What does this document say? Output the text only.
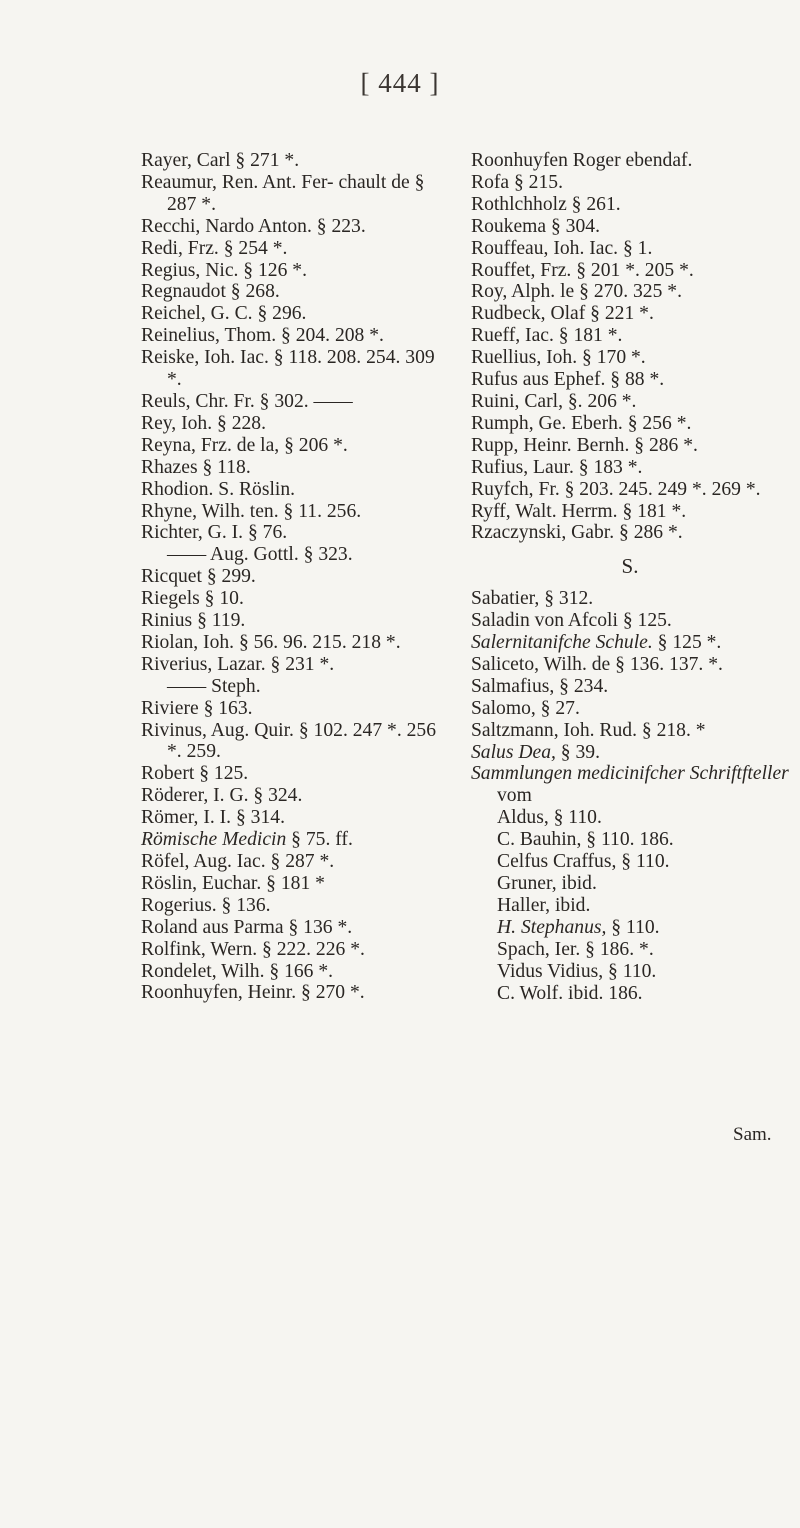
[ 444 ]

Rayer, Carl § 271 *.

Reaumur, Ren. Ant. Fer- chault de § 287 *.

Recchi, Nardo Anton. § 223.

Redi, Frz. § 254 *.

Regius, Nic. § 126 *.

Regnaudot § 268.

Reichel, G. C. § 296.

Reinelius, Thom. § 204. 208 *.

Reiske, Ioh. Iac. § 118. 208. 254. 309 *.

Reuls, Chr. Fr. § 302. ——

Rey, Ioh. § 228.

Reyna, Frz. de la, § 206 *.

Rhazes § 118.

Rhodion. S. Röslin.

Rhyne, Wilh. ten. § 11. 256.

Richter, G. I. § 76.

—— Aug. Gottl. § 323.

Ricquet § 299.

Riegels § 10.

Rinius § 119.

Riolan, Ioh. § 56. 96. 215. 218 *.

Riverius, Lazar. § 231 *.

—— Steph.

Riviere § 163.

Rivinus, Aug. Quir. § 102. 247 *. 256 *. 259.

Robert § 125.

Röderer, I. G. § 324.

Römer, I. I. § 314.

Römische Medicin § 75. ff.

Röfel, Aug. Iac. § 287 *.

Röslin, Euchar. § 181 *

Rogerius. § 136.

Roland aus Parma § 136 *.

Rolfink, Wern. § 222. 226 *.

Rondelet, Wilh. § 166 *.

Roonhuyfen, Heinr. § 270 *.

Roonhuyfen Roger ebendaf.

Rofa § 215.

Rothlchholz § 261.

Roukema § 304.

Rouffeau, Ioh. Iac. § 1.

Rouffet, Frz. § 201 *. 205 *.

Roy, Alph. le § 270. 325 *.

Rudbeck, Olaf § 221 *.

Rueff, Iac. § 181 *.

Ruellius, Ioh. § 170 *.

Rufus aus Ephef. § 88 *.

Ruini, Carl, §. 206 *.

Rumph, Ge. Eberh. § 256 *.

Rupp, Heinr. Bernh. § 286 *.

Rufius, Laur. § 183 *.

Ruyfch, Fr. § 203. 245. 249 *. 269 *.

Ryff, Walt. Herrm. § 181 *.

Rzaczynski, Gabr. § 286 *.

S.

Sabatier, § 312.

Saladin von Afcoli § 125.

Salernitanifche Schule. § 125 *.

Saliceto, Wilh. de § 136. 137. *.

Salmafius, § 234.

Salomo, § 27.

Saltzmann, Ioh. Rud. § 218. *

Salus Dea, § 39.

Sammlungen medicinifcher Schriftfteller vom

Aldus, § 110.

C. Bauhin, § 110. 186.

Celfus Craffus, § 110.

Gruner, ibid.

Haller, ibid.

H. Stephanus, § 110.

Spach, Ier. § 186. *.

Vidus Vidius, § 110.

C. Wolf. ibid. 186.

Sam.
